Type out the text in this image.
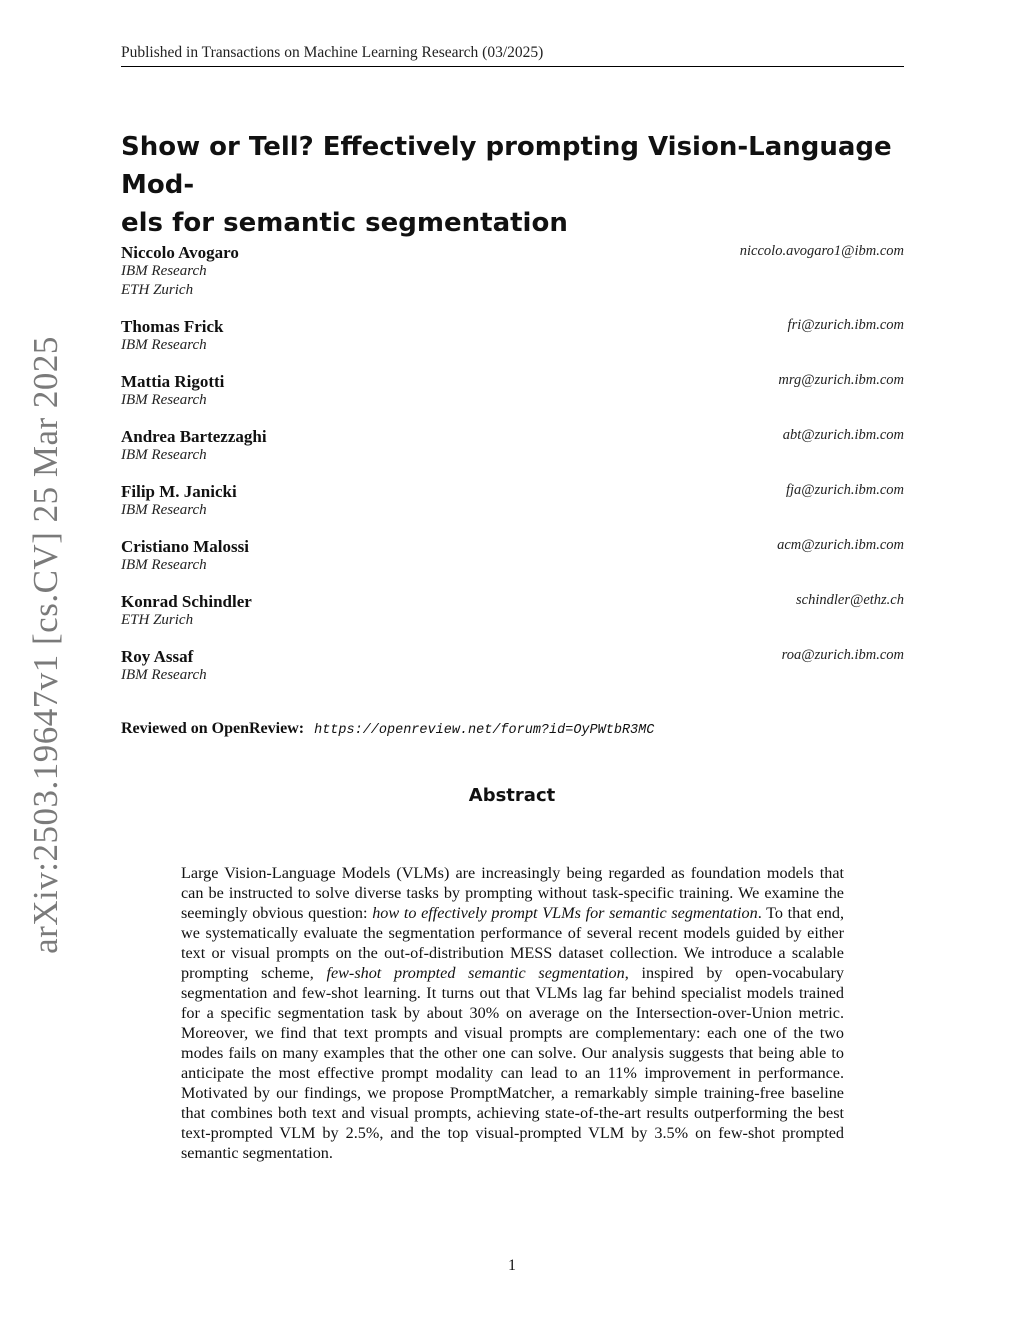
Published in Transactions on Machine Learning Research (03/2025)
Show or Tell? Effectively prompting Vision-Language Mod-
els for semantic segmentation
Niccolo Avogaro	niccolo.avogaro1@ibm.com
IBM Research
ETH Zurich
Thomas Frick	fri@zurich.ibm.com
IBM Research
Mattia Rigotti	mrg@zurich.ibm.com
IBM Research
Andrea Bartezzaghi	abt@zurich.ibm.com
IBM Research
Filip M. Janicki	fja@zurich.ibm.com
IBM Research
Cristiano Malossi	acm@zurich.ibm.com
IBM Research
Konrad Schindler	schindler@ethz.ch
ETH Zurich
Roy Assaf	roa@zurich.ibm.com
IBM Research
Reviewed on OpenReview: https://openreview.net/forum?id=OyPWtbR3MC
Abstract
Large Vision-Language Models (VLMs) are increasingly being regarded as foundation models that can be instructed to solve diverse tasks by prompting without task-specific training. We examine the seemingly obvious question: how to effectively prompt VLMs for semantic segmentation. To that end, we systematically evaluate the segmentation performance of several recent models guided by either text or visual prompts on the out-of-distribution MESS dataset collection. We introduce a scalable prompting scheme, few-shot prompted semantic segmentation, inspired by open-vocabulary segmentation and few-shot learning. It turns out that VLMs lag far behind specialist models trained for a specific segmentation task by about 30% on average on the Intersection-over-Union metric. Moreover, we find that text prompts and visual prompts are complementary: each one of the two modes fails on many examples that the other one can solve. Our analysis suggests that being able to anticipate the most effective prompt modality can lead to an 11% improvement in performance. Motivated by our findings, we propose PromptMatcher, a remarkably simple training-free baseline that combines both text and visual prompts, achieving state-of-the-art results outperforming the best text-prompted VLM by 2.5%, and the top visual-prompted VLM by 3.5% on few-shot prompted semantic segmentation.
1
arXiv:2503.19647v1 [cs.CV] 25 Mar 2025
